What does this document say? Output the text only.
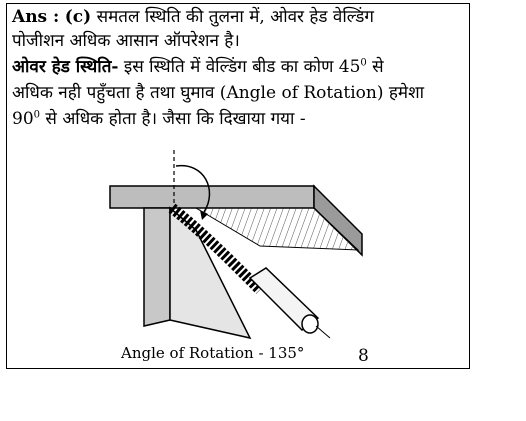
Ans : (c) समतल स्थिति की तुलना में, ओवर हेड वेल्डिंग
पोजीशन अधिक आसान ऑपरेशन है।
ओवर हेड स्थिति- इस स्थिति में वेल्डिंग बीड का कोण $45^0$ से
अधिक नही पहुँचता है तथा घुमाव (Angle of Rotation) हमेशा
$90^0$ से अधिक होता है। जैसा कि दिखाया गया -
Angle of Rotation - 135°	8
